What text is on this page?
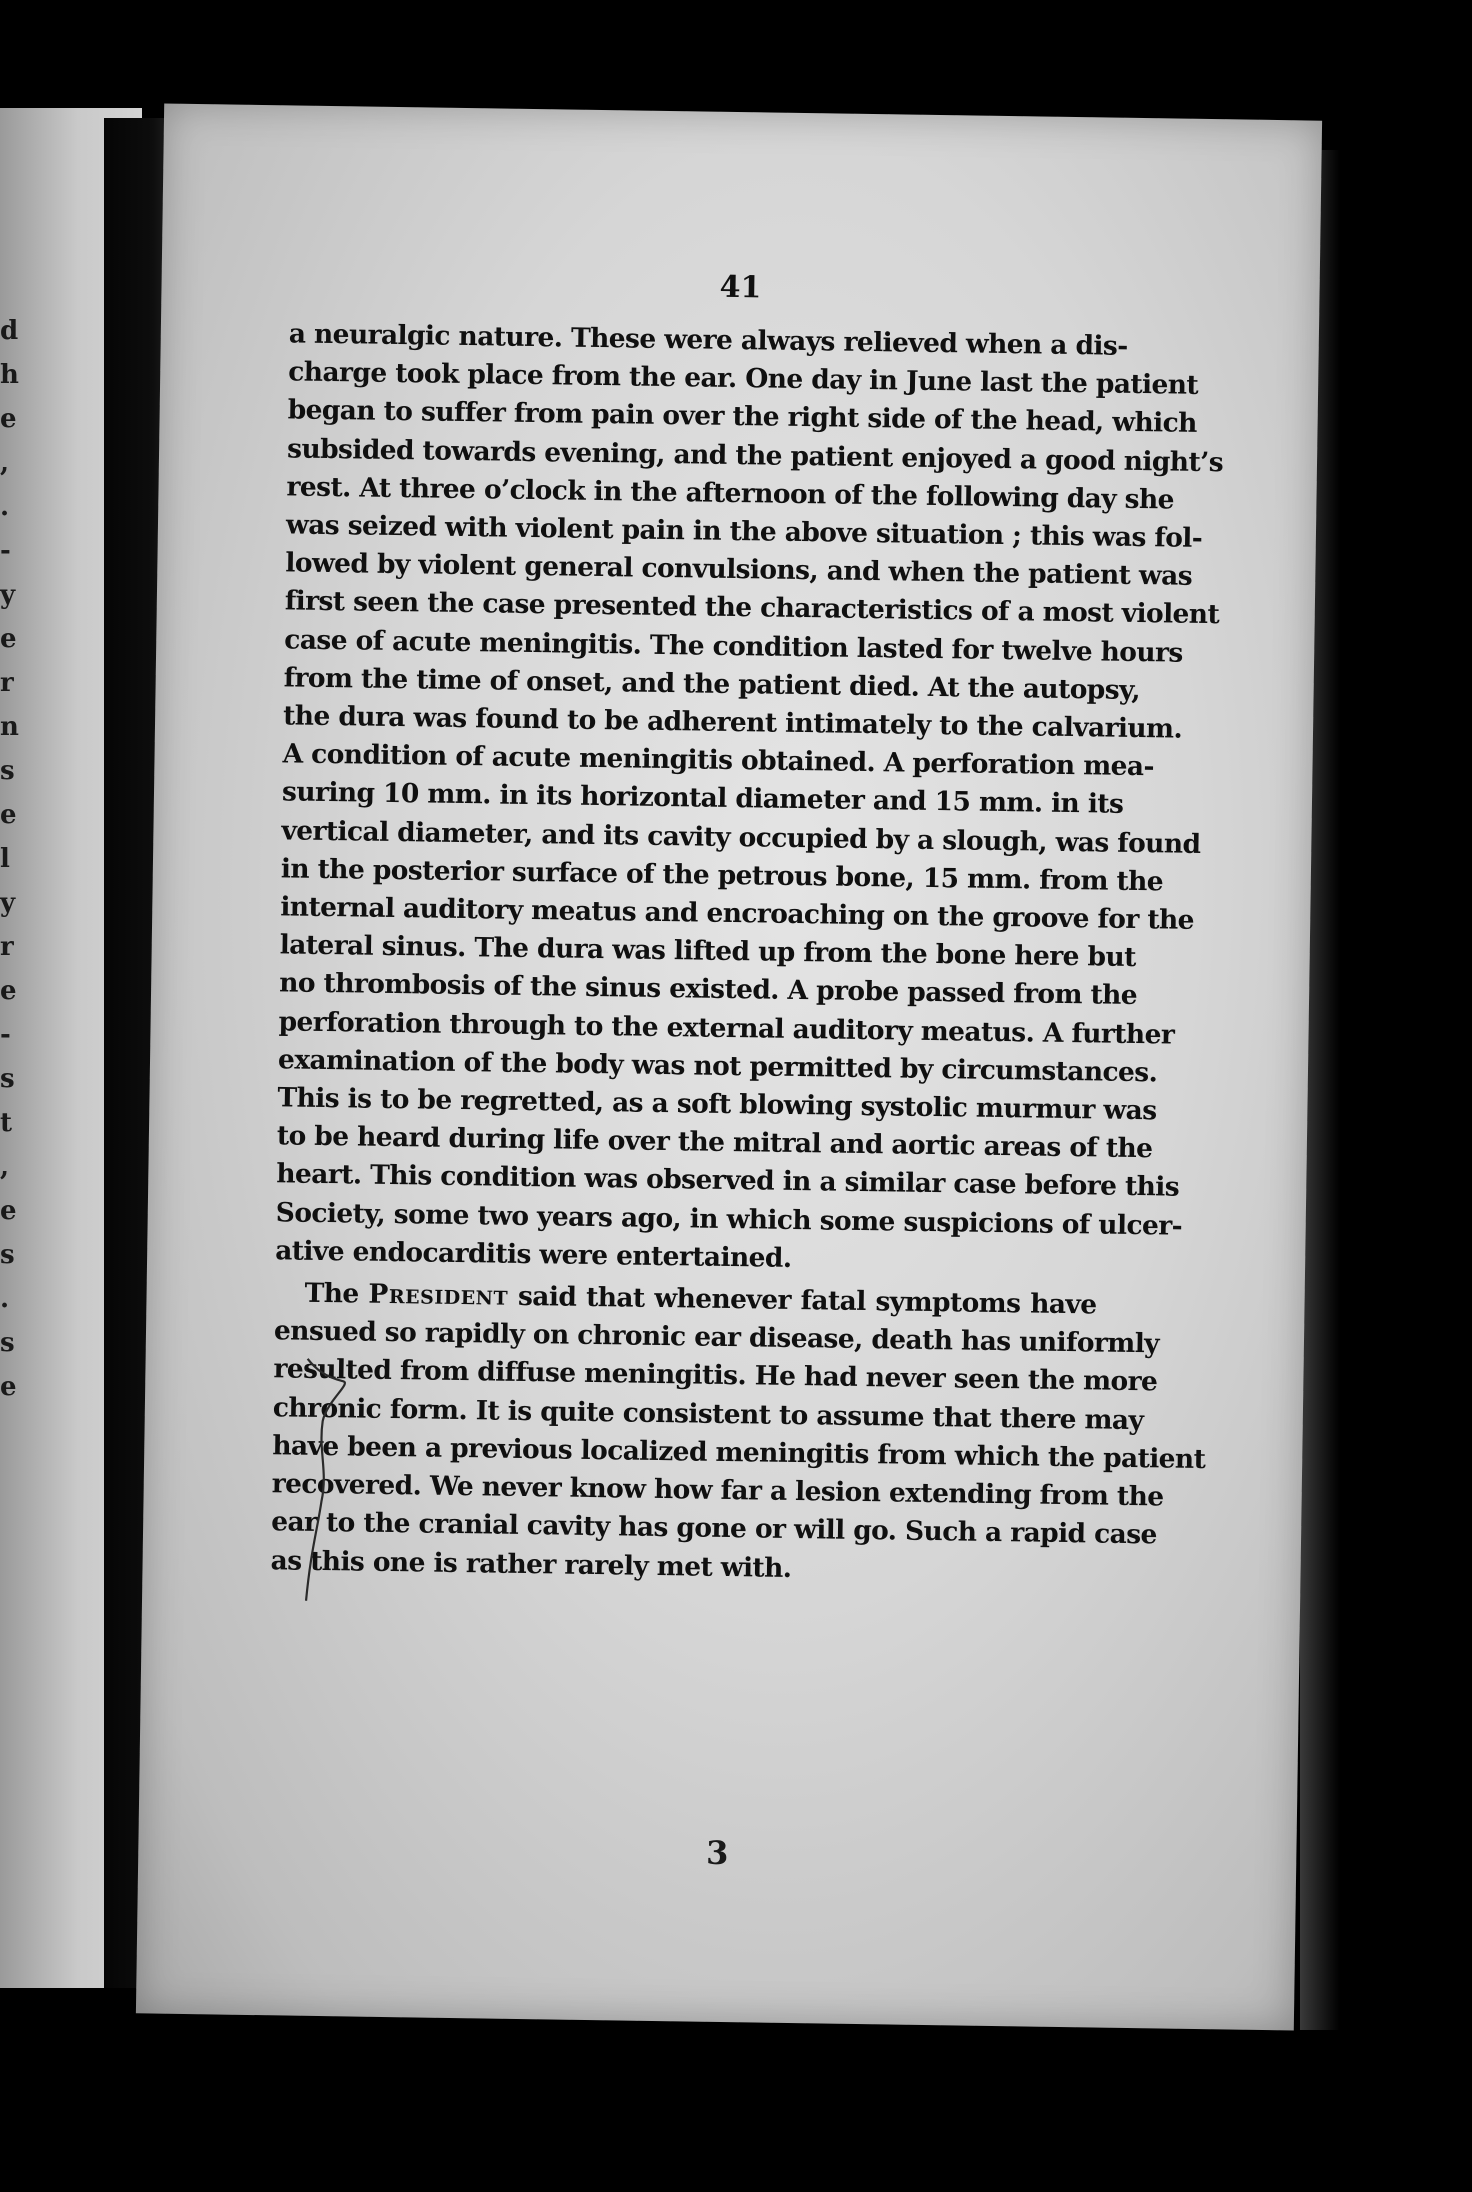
d
h
e
,
.
-
y
e
r
n
s
e
l
y
r
e
-
s
t
,
e
s
.
s
e
41
a neuralgic nature. These were always relieved when a dis-
charge took place from the ear. One day in June last the patient
began to suffer from pain over the right side of the head, which
subsided towards evening, and the patient enjoyed a good night’s
rest. At three o’clock in the afternoon of the following day she
was seized with violent pain in the above situation ; this was fol-
lowed by violent general convulsions, and when the patient was
first seen the case presented the characteristics of a most violent
case of acute meningitis. The condition lasted for twelve hours
from the time of onset, and the patient died. At the autopsy,
the dura was found to be adherent intimately to the calvarium.
A condition of acute meningitis obtained. A perforation mea-
suring 10 mm. in its horizontal diameter and 15 mm. in its
vertical diameter, and its cavity occupied by a slough, was found
in the posterior surface of the petrous bone, 15 mm. from the
internal auditory meatus and encroaching on the groove for the
lateral sinus. The dura was lifted up from the bone here but
no thrombosis of the sinus existed. A probe passed from the
perforation through to the external auditory meatus. A further
examination of the body was not permitted by circumstances.
This is to be regretted, as a soft blowing systolic murmur was
to be heard during life over the mitral and aortic areas of the
heart. This condition was observed in a similar case before this
Society, some two years ago, in which some suspicions of ulcer-
ative endocarditis were entertained.
The President said that whenever fatal symptoms have
ensued so rapidly on chronic ear disease, death has uniformly
resulted from diffuse meningitis. He had never seen the more
chronic form. It is quite consistent to assume that there may
have been a previous localized meningitis from which the patient
recovered. We never know how far a lesion extending from the
ear to the cranial cavity has gone or will go. Such a rapid case
as this one is rather rarely met with.
3
